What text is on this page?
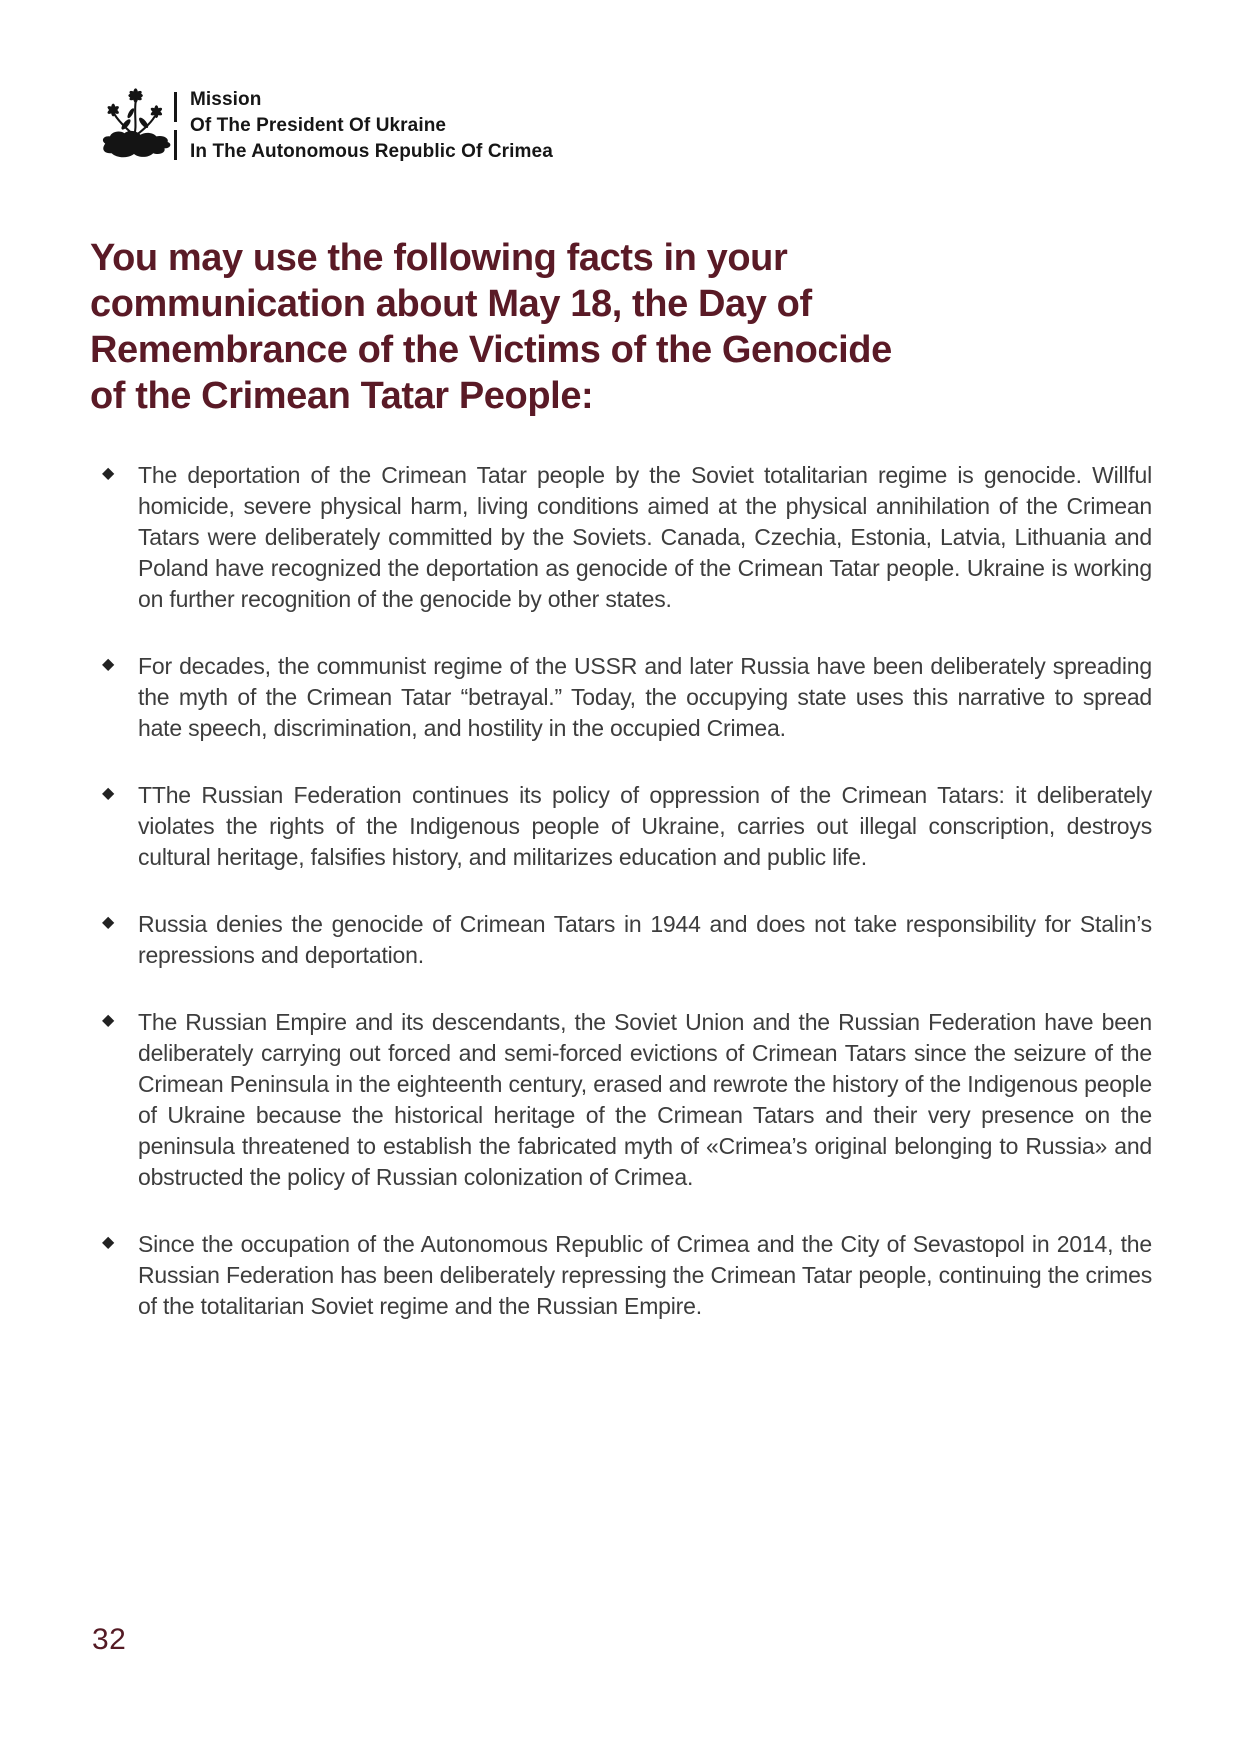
Mission
Of The President Of Ukraine
In The Autonomous Republic Of Crimea
You may use the following facts in your
communication about May 18, the Day of
Remembrance of the Victims of the Genocide
of the Crimean Tatar People:
◆ The deportation of the Crimean Tatar people by the Soviet totalitarian regime is genocide. Willful homicide, severe physical harm, living conditions aimed at the physical annihilation of the Crimean Tatars were deliberately committed by the Soviets. Canada, Czechia, Estonia, Latvia, Lithuania and Poland have recognized the deportation as genocide of the Crimean Tatar people. Ukraine is working on further recognition of the genocide by other states.
◆ For decades, the communist regime of the USSR and later Russia have been deliberately spreading the myth of the Crimean Tatar “betrayal.” Today, the occupying state uses this narrative to spread hate speech, discrimination, and hostility in the occupied Crimea.
◆ TThe Russian Federation continues its policy of oppression of the Crimean Tatars: it deliberately violates the rights of the Indigenous people of Ukraine, carries out illegal conscription, destroys cultural heritage, falsifies history, and militarizes education and public life.
◆ Russia denies the genocide of Crimean Tatars in 1944 and does not take responsibility for Stalin’s repressions and deportation.
◆ The Russian Empire and its descendants, the Soviet Union and the Russian Federation have been deliberately carrying out forced and semi-forced evictions of Crimean Tatars since the seizure of the Crimean Peninsula in the eighteenth century, erased and rewrote the history of the Indigenous people of Ukraine because the historical heritage of the Crimean Tatars and their very presence on the peninsula threatened to establish the fabricated myth of «Crimea’s original belonging to Russia» and obstructed the policy of Russian colonization of Crimea.
◆ Since the occupation of the Autonomous Republic of Crimea and the City of Sevastopol in 2014, the Russian Federation has been deliberately repressing the Crimean Tatar people, continuing the crimes of the totalitarian Soviet regime and the Russian Empire.
32
